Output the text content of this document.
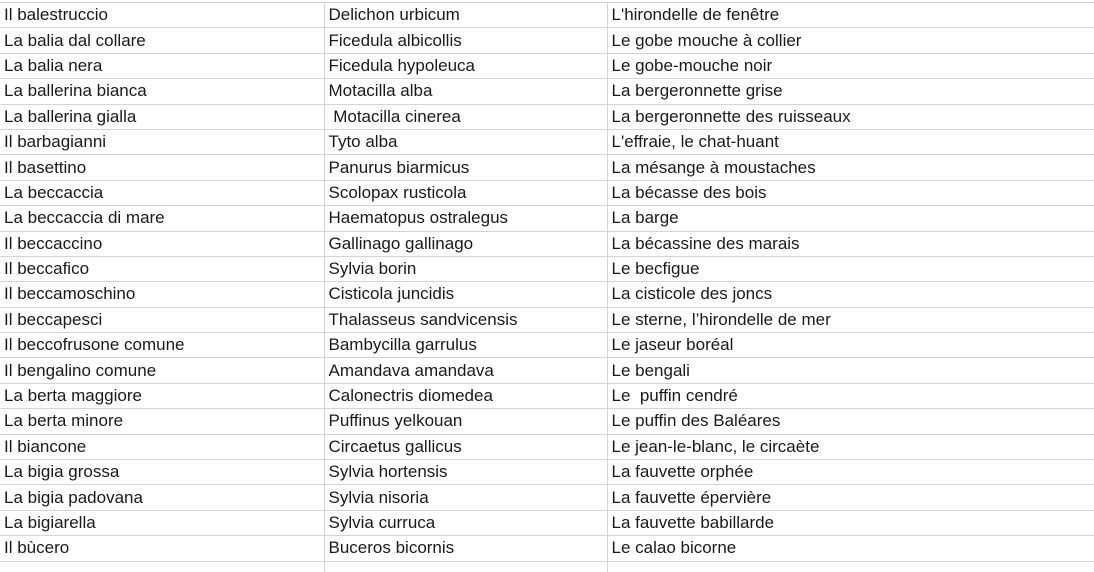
Il balestruccio	Delichon urbicum	L'hirondelle de fenêtre
La balia dal collare	Ficedula albicollis	Le gobe mouche à collier
La balia nera	Ficedula hypoleuca	Le gobe-mouche noir
La ballerina bianca	Motacilla alba	La bergeronnette grise
La ballerina gialla	Motacilla cinerea	La bergeronnette des ruisseaux
Il barbagianni	Tyto alba	L'effraie, le chat-huant
Il basettino	Panurus biarmicus	La mésange à moustaches
La beccaccia	Scolopax rusticola	La bécasse des bois
La beccaccia di mare	Haematopus ostralegus	La barge
Il beccaccino	Gallinago gallinago	La bécassine des marais
Il beccafico	Sylvia borin	Le becfigue
Il beccamoschino	Cisticola juncidis	La cisticole des joncs
Il beccapesci	Thalasseus sandvicensis	Le sterne, l’hirondelle de mer
Il beccofrusone comune	Bambycilla garrulus	Le jaseur boréal
Il bengalino comune	Amandava amandava	Le bengali
La berta maggiore	Calonectris diomedea	Le  puffin cendré
La berta minore	Puffinus yelkouan	Le puffin des Baléares
Il biancone	Circaetus gallicus	Le jean-le-blanc, le circaète
La bigia grossa	Sylvia hortensis	La fauvette orphée
La bigia padovana	Sylvia nisoria	La fauvette épervière
La bigiarella	Sylvia curruca	La fauvette babillarde
Il bùcero	Buceros bicornis	Le calao bicorne
